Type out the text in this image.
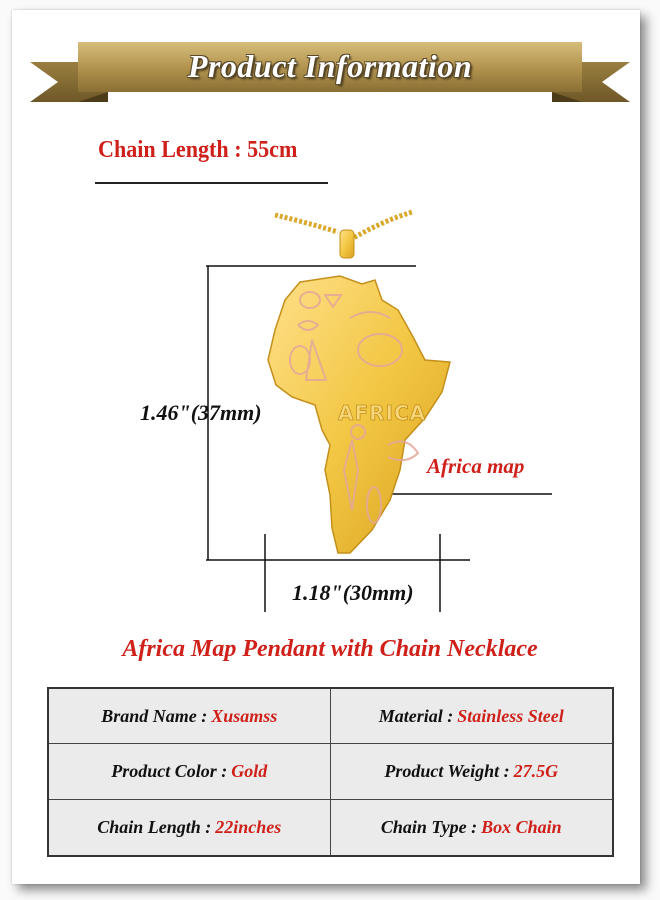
Product Information
Chain Length : 55cm
AFRICA
1.46"(37mm)
1.18"(30mm)
Africa map
Africa Map Pendant with Chain Necklace
Brand Name : Xusamss	Material : Stainless Steel
Product Color : Gold	Product Weight : 27.5G
Chain Length : 22inches	Chain Type : Box Chain
